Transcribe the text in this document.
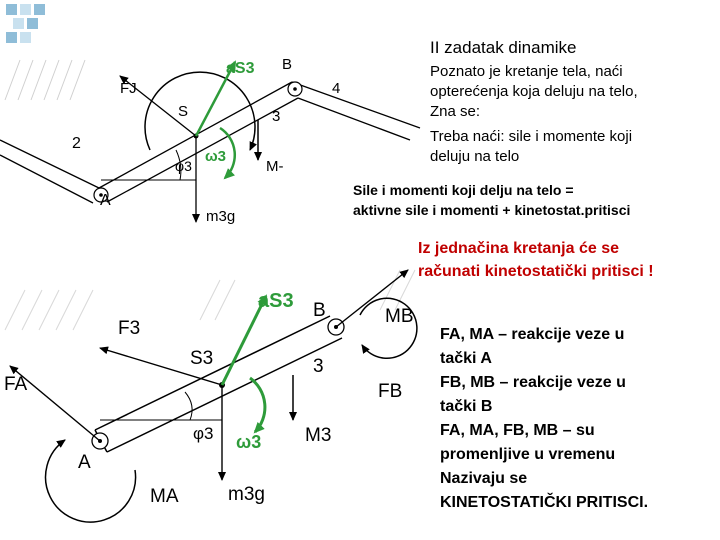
aS3 B
FJ	4
S	3
2
ω3
φ3	M-
A
m3g
aS3 B	MB
F3
S3	3
FA	FB
φ3 ω3 M3
A
MA	m3g
II zadatak dinamike
Poznato je kretanje tela, naći
opterećenja koja deluju na telo,
Zna se:
Treba naći: sile i momente koji
deluju na telo
Sile i momenti koji delju na telo =
aktivne sile i momenti + kinetostat.pritisci
Iz jednačina kretanja će se
računati kinetostatički pritisci !
FA, MA – reakcije veze u
tački A
FB, MB – reakcije veze u
tački B
FA, MA, FB, MB – su
promenljive u vremenu
Nazivaju se
KINETOSTATIČKI PRITISCI.
